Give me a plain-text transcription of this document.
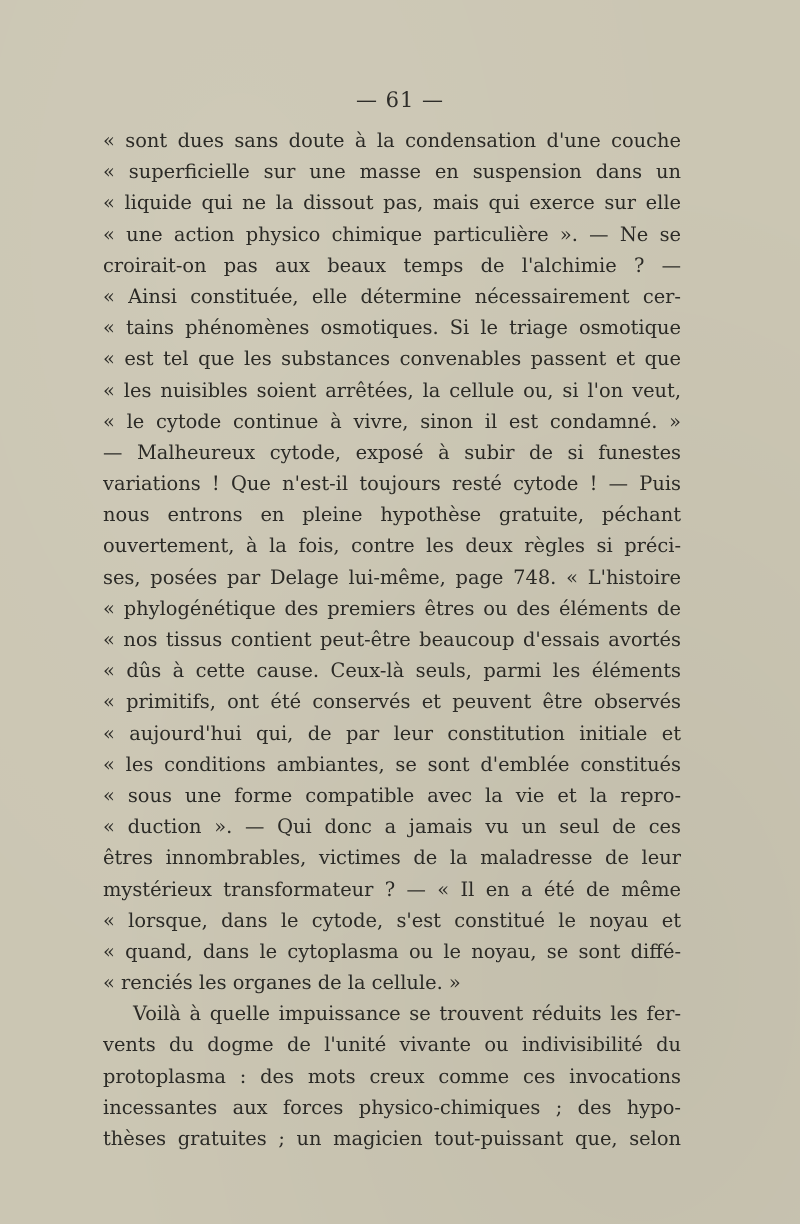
— 61 —
« sont dues sans doute à la condensation d'une couche
« superficielle sur une masse en suspension dans un
« liquide qui ne la dissout pas, mais qui exerce sur elle
« une action physico chimique particulière ». — Ne se
croirait-on pas aux beaux temps de l'alchimie ? —
« Ainsi constituée, elle détermine nécessairement cer-
« tains phénomènes osmotiques. Si le triage osmotique
« est tel que les substances convenables passent et que
« les nuisibles soient arrêtées, la cellule ou, si l'on veut,
« le cytode continue à vivre, sinon il est condamné. »
— Malheureux cytode, exposé à subir de si funestes
variations ! Que n'est-il toujours resté cytode ! — Puis
nous entrons en pleine hypothèse gratuite, péchant
ouvertement, à la fois, contre les deux règles si préci-
ses, posées par Delage lui-même, page 748. « L'histoire
« phylogénétique des premiers êtres ou des éléments de
« nos tissus contient peut-être beaucoup d'essais avortés
« dûs à cette cause. Ceux-là seuls, parmi les éléments
« primitifs, ont été conservés et peuvent être observés
« aujourd'hui qui, de par leur constitution initiale et
« les conditions ambiantes, se sont d'emblée constitués
« sous une forme compatible avec la vie et la repro-
« duction ». — Qui donc a jamais vu un seul de ces
êtres innombrables, victimes de la maladresse de leur
mystérieux transformateur ? — « Il en a été de même
« lorsque, dans le cytode, s'est constitué le noyau et
« quand, dans le cytoplasma ou le noyau, se sont diffé-
« renciés les organes de la cellule. »
Voilà à quelle impuissance se trouvent réduits les fer-
vents du dogme de l'unité vivante ou indivisibilité du
protoplasma : des mots creux comme ces invocations
incessantes aux forces physico-chimiques ; des hypo-
thèses gratuites ; un magicien tout-puissant que, selon
